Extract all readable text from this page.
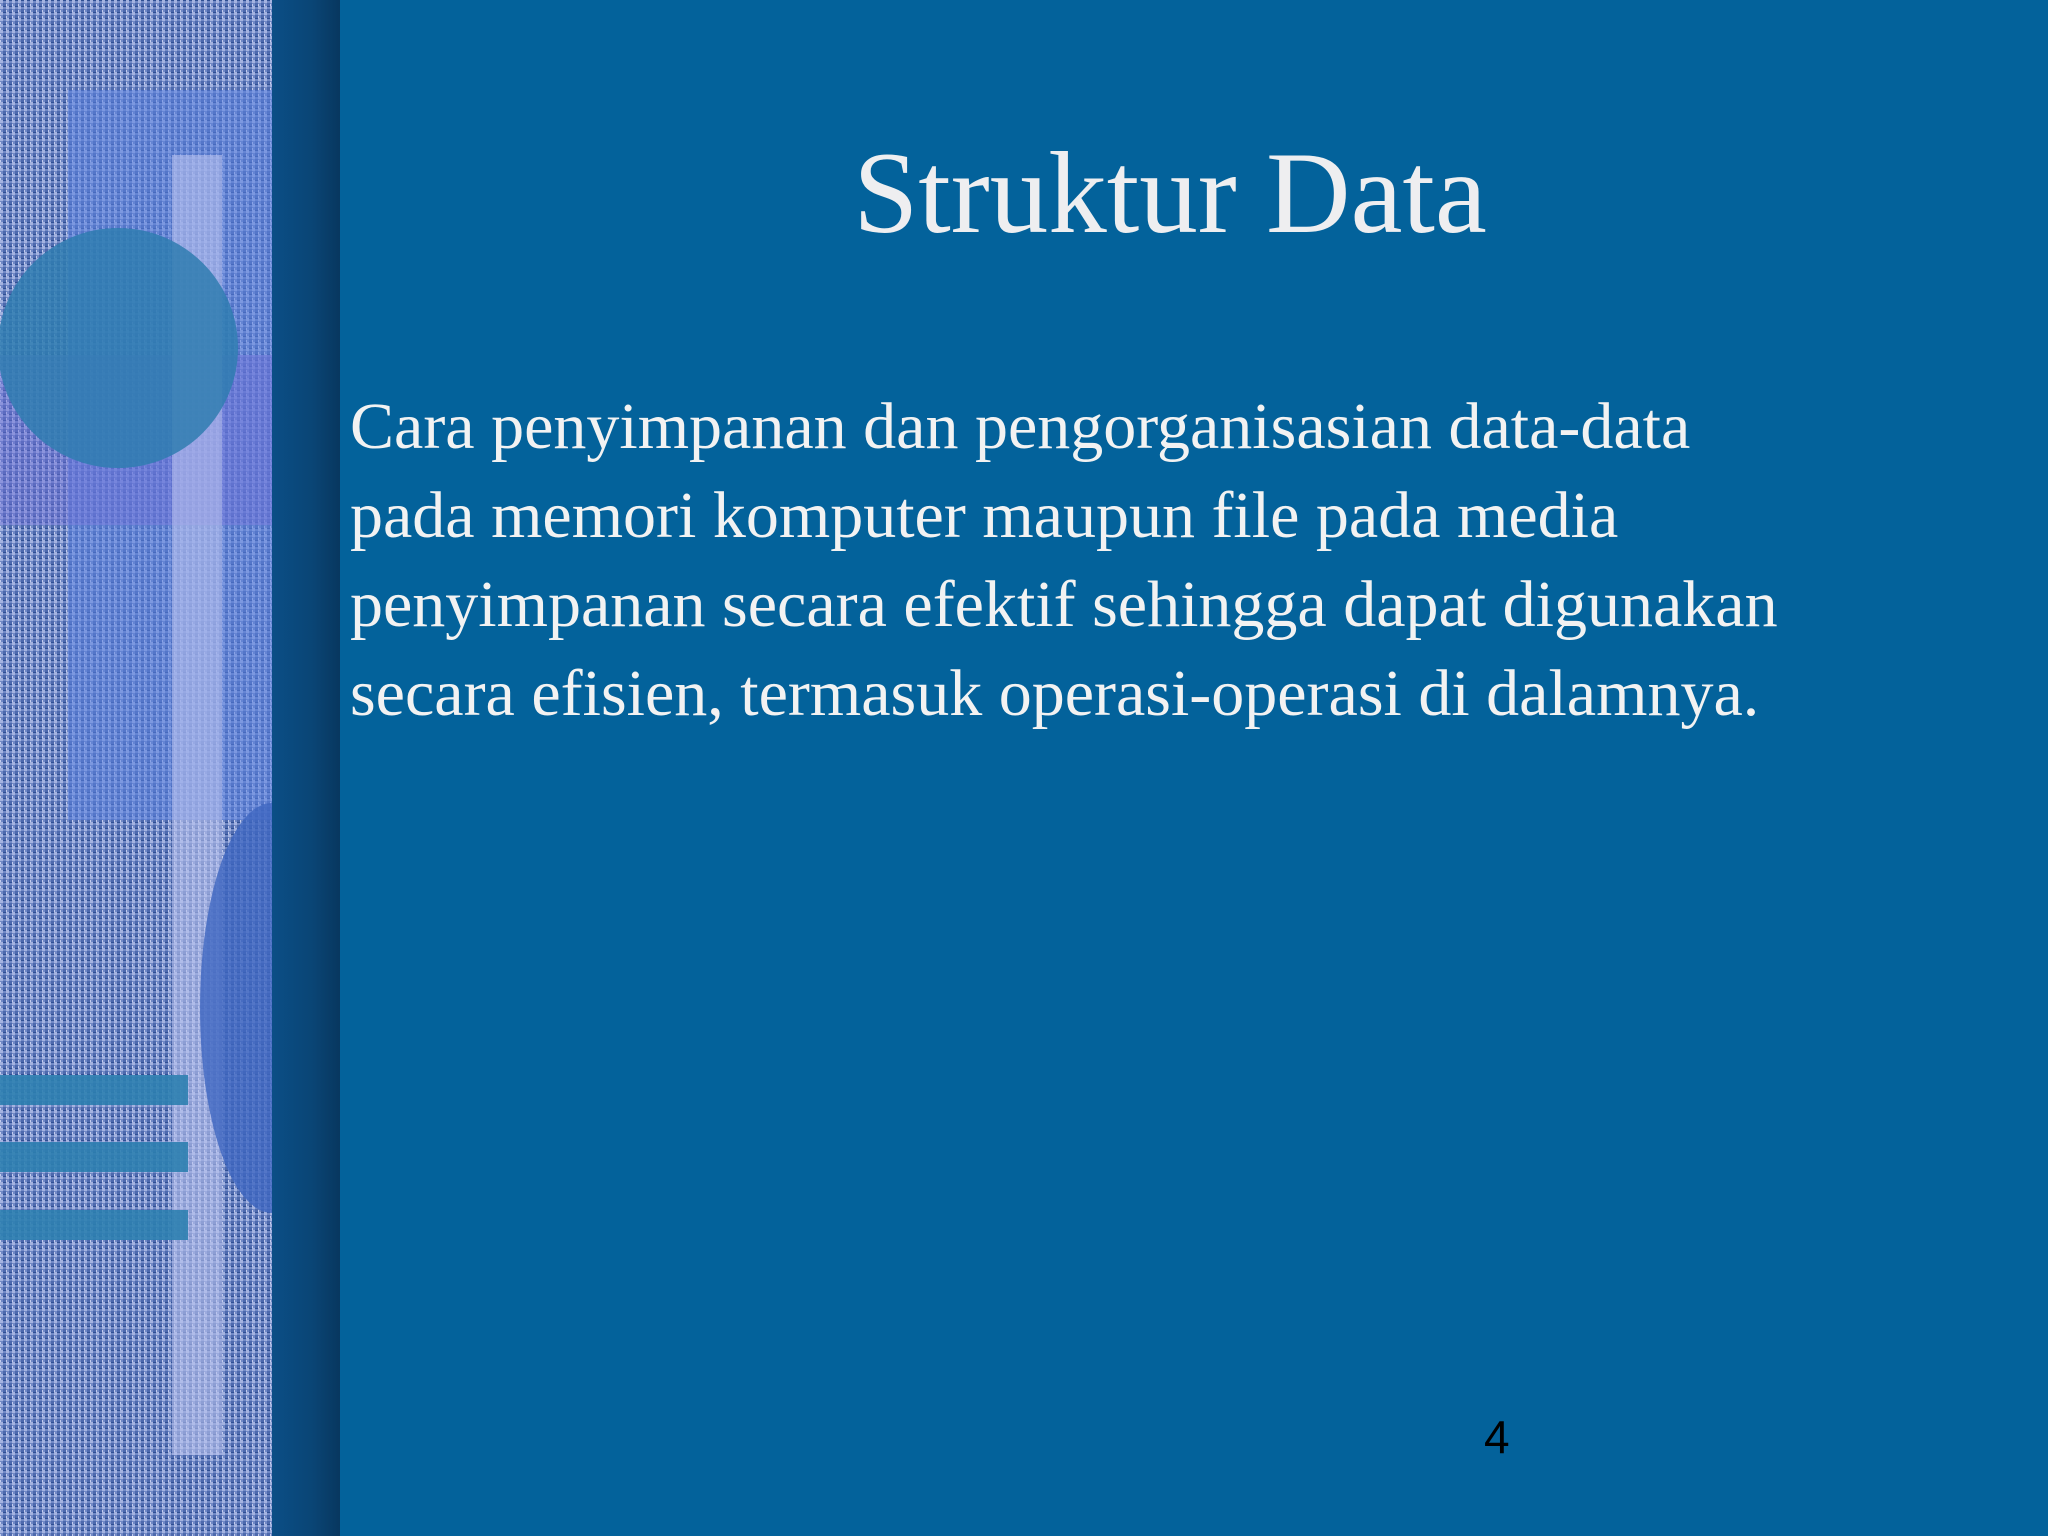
Struktur Data
Cara penyimpanan dan pengorganisasian data-data
pada memori komputer maupun file pada media
penyimpanan secara efektif sehingga dapat digunakan
secara efisien, termasuk operasi-operasi di dalamnya.
4
